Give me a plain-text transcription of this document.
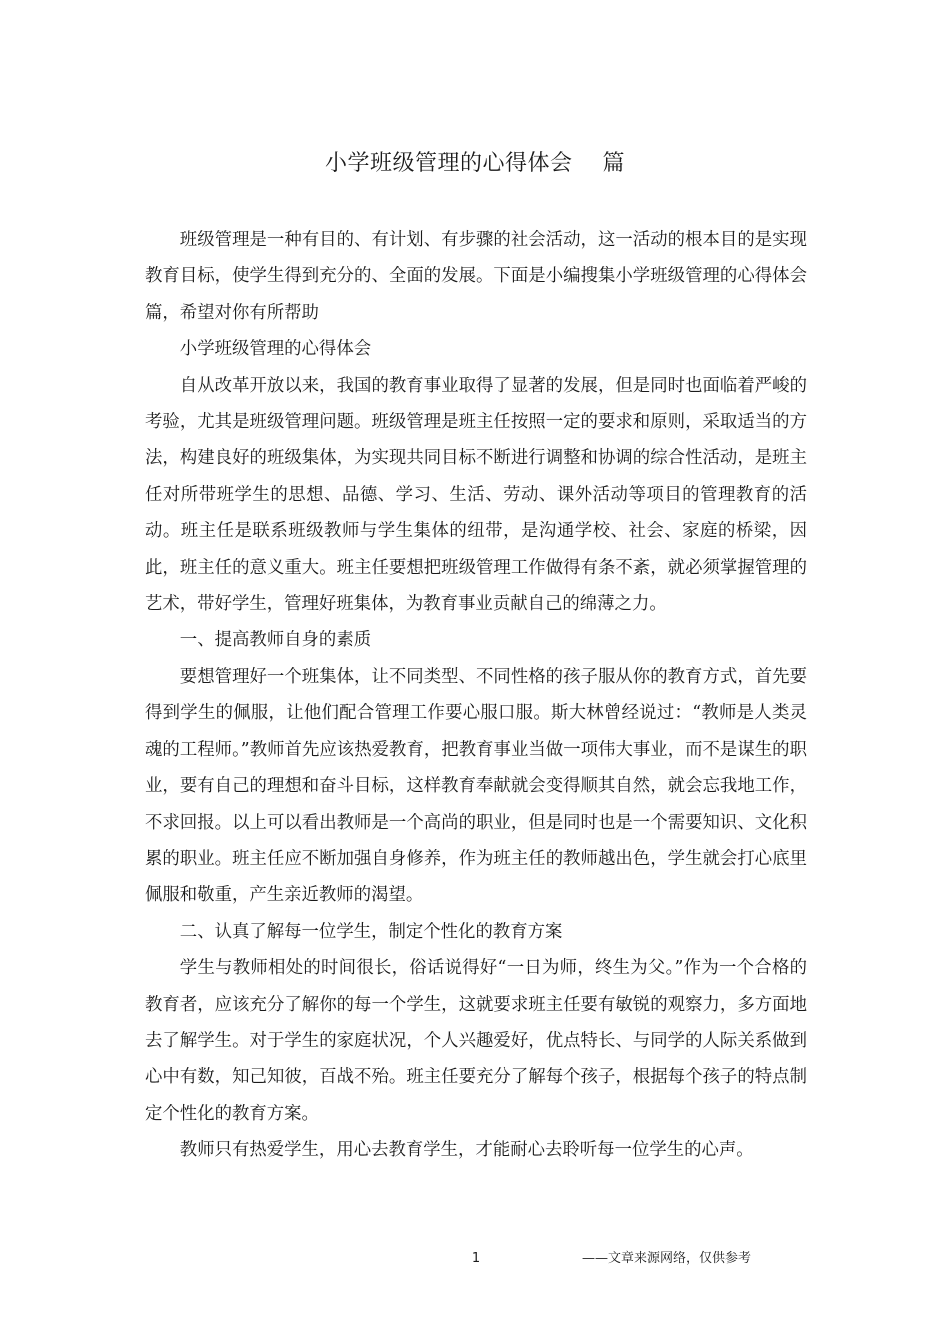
小学班级管理的心得体会    篇

班级管理是一种有目的、有计划、有步骤的社会活动，这一活动的根本目的是实现教育目标，使学生得到充分的、全面的发展。下面是小编搜集小学班级管理的心得体会    篇，希望对你有所帮助

小学班级管理的心得体会

自从改革开放以来，我国的教育事业取得了显著的发展，但是同时也面临着严峻的考验，尤其是班级管理问题。班级管理是班主任按照一定的要求和原则，采取适当的方法，构建良好的班级集体，为实现共同目标不断进行调整和协调的综合性活动，是班主任对所带班学生的思想、品德、学习、生活、劳动、课外活动等项目的管理教育的活动。班主任是联系班级教师与学生集体的纽带，是沟通学校、社会、家庭的桥梁，因此，班主任的意义重大。班主任要想把班级管理工作做得有条不紊，就必须掌握管理的艺术，带好学生，管理好班集体，为教育事业贡献自己的绵薄之力。

一、提高教师自身的素质

要想管理好一个班集体，让不同类型、不同性格的孩子服从你的教育方式，首先要得到学生的佩服，让他们配合管理工作要心服口服。斯大林曾经说过：“教师是人类灵魂的工程师。”教师首先应该热爱教育，把教育事业当做一项伟大事业，而不是谋生的职业，要有自己的理想和奋斗目标，这样教育奉献就会变得顺其自然，就会忘我地工作，不求回报。以上可以看出教师是一个高尚的职业，但是同时也是一个需要知识、文化积累的职业。班主任应不断加强自身修养，作为班主任的教师越出色，学生就会打心底里佩服和敬重，产生亲近教师的渴望。

二、认真了解每一位学生，制定个性化的教育方案

学生与教师相处的时间很长，俗话说得好“一日为师，终生为父。”作为一个合格的教育者，应该充分了解你的每一个学生，这就要求班主任要有敏锐的观察力，多方面地去了解学生。对于学生的家庭状况，个人兴趣爱好，优点特长、与同学的人际关系做到心中有数，知己知彼，百战不殆。班主任要充分了解每个孩子，根据每个孩子的特点制定个性化的教育方案。

教师只有热爱学生，用心去教育学生，才能耐心去聆听每一位学生的心声。

1	——文章来源网络，仅供参考
